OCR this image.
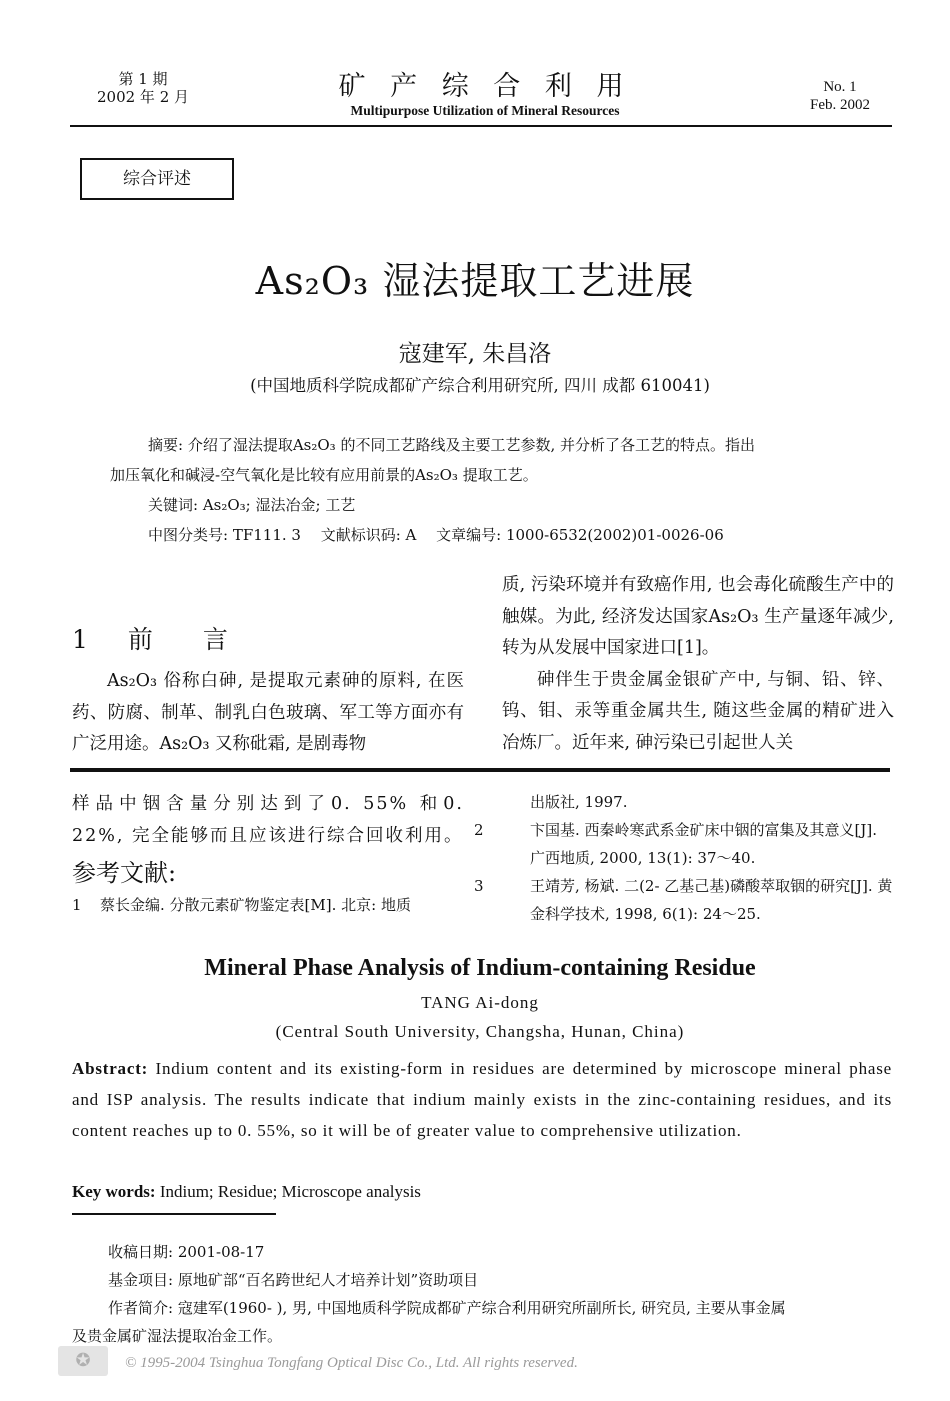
第 1 期
2002 年 2 月	矿 产 综 合 利 用
Multipurpose Utilization of Mineral Resources
No. 1
Feb. 2002
综合评述
As₂O₃ 湿法提取工艺进展
寇建军, 朱昌洛
(中国地质科学院成都矿产综合利用研究所, 四川 成都 610041)
摘要: 介绍了湿法提取As₂O₃ 的不同工艺路线及主要工艺参数, 并分析了各工艺的特点。指出
加压氧化和碱浸-空气氧化是比较有应用前景的As₂O₃ 提取工艺。
关键词: As₂O₃; 湿法冶金; 工艺
中图分类号: TF111. 3　 文献标识码: A　 文章编号: 1000-6532(2002)01-0026-06
1 前　　言
As₂O₃ 俗称白砷, 是提取元素砷的原料, 在医药、防腐、制革、制乳白色玻璃、军工等方面亦有广泛用途。As₂O₃ 又称砒霜, 是剧毒物
质, 污染环境并有致癌作用, 也会毒化硫酸生产中的触媒。为此, 经济发达国家As₂O₃ 生产量逐年减少, 转为从发展中国家进口[1]。
砷伴生于贵金属金银矿产中, 与铜、铅、锌、钨、钼、汞等重金属共生, 随这些金属的精矿进入冶炼厂。近年来, 砷污染已引起世人关
样品中铟含量分别达到了0. 55% 和0. 22%, 完全能够而且应该进行综合回收利用。
参考文献:
1 蔡长金编. 分散元素矿物鉴定表[M]. 北京: 地质
出版社, 1997.
2	卞国基. 西秦岭寒武系金矿床中铟的富集及其意义[J]. 广西地质, 2000, 13(1): 37～40.
3	王靖芳, 杨斌. 二(2- 乙基己基)磷酸萃取铟的研究[J]. 黄金科学技术, 1998, 6(1): 24～25.
Mineral Phase Analysis of Indium-containing Residue
TANG Ai-dong
(Central South University, Changsha, Hunan, China)
Abstract: Indium content and its existing-form in residues are determined by microscope mineral phase and ISP analysis. The results indicate that indium mainly exists in the zinc-containing residues, and its content reaches up to 0. 55%, so it will be of greater value to comprehensive utilization.
Key words: Indium; Residue; Microscope analysis
收稿日期: 2001-08-17
基金项目: 原地矿部“百名跨世纪人才培养计划”资助项目
作者简介: 寇建军(1960- ), 男, 中国地质科学院成都矿产综合利用研究所副所长, 研究员, 主要从事金属
及贵金属矿湿法提取冶金工作。
✪	© 1995-2004 Tsinghua Tongfang Optical Disc Co., Ltd. All rights reserved.
